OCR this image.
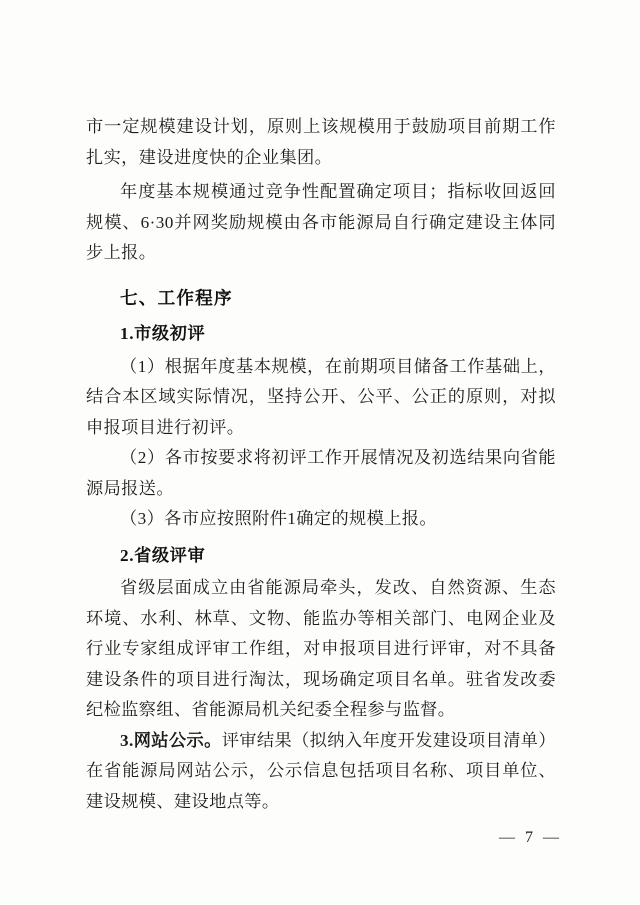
市一定规模建设计划，原则上该规模用于鼓励项目前期工作扎实，建设进度快的企业集团。

年度基本规模通过竞争性配置确定项目；指标收回返回规模、6·30并网奖励规模由各市能源局自行确定建设主体同步上报。

七、工作程序

1.市级初评

（1）根据年度基本规模，在前期项目储备工作基础上，结合本区域实际情况，坚持公开、公平、公正的原则，对拟申报项目进行初评。

（2）各市按要求将初评工作开展情况及初选结果向省能源局报送。

（3）各市应按照附件1确定的规模上报。

2.省级评审

省级层面成立由省能源局牵头，发改、自然资源、生态环境、水利、林草、文物、能监办等相关部门、电网企业及行业专家组成评审工作组，对申报项目进行评审，对不具备建设条件的项目进行淘汰，现场确定项目名单。驻省发改委纪检监察组、省能源局机关纪委全程参与监督。

3.网站公示。评审结果（拟纳入年度开发建设项目清单）在省能源局网站公示，公示信息包括项目名称、项目单位、建设规模、建设地点等。

— 7 —
